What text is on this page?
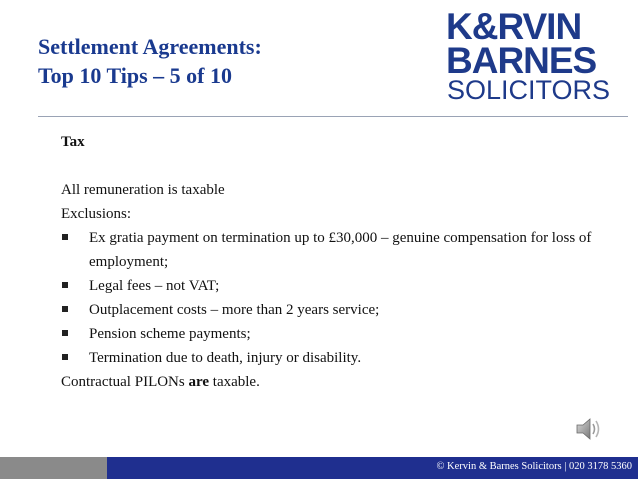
Settlement Agreements:
Top 10 Tips – 5 of 10
K&RVIN
BARNES
SOLICITORS
Tax
All remuneration is taxable
Exclusions:
Ex gratia payment on termination up to £30,000 – genuine compensation for loss of employment;
Legal fees – not VAT;
Outplacement costs – more than 2 years service;
Pension scheme payments;
Termination due to death, injury or disability.
Contractual PILONs are taxable.
© Kervin & Barnes Solicitors | 020 3178 5360
